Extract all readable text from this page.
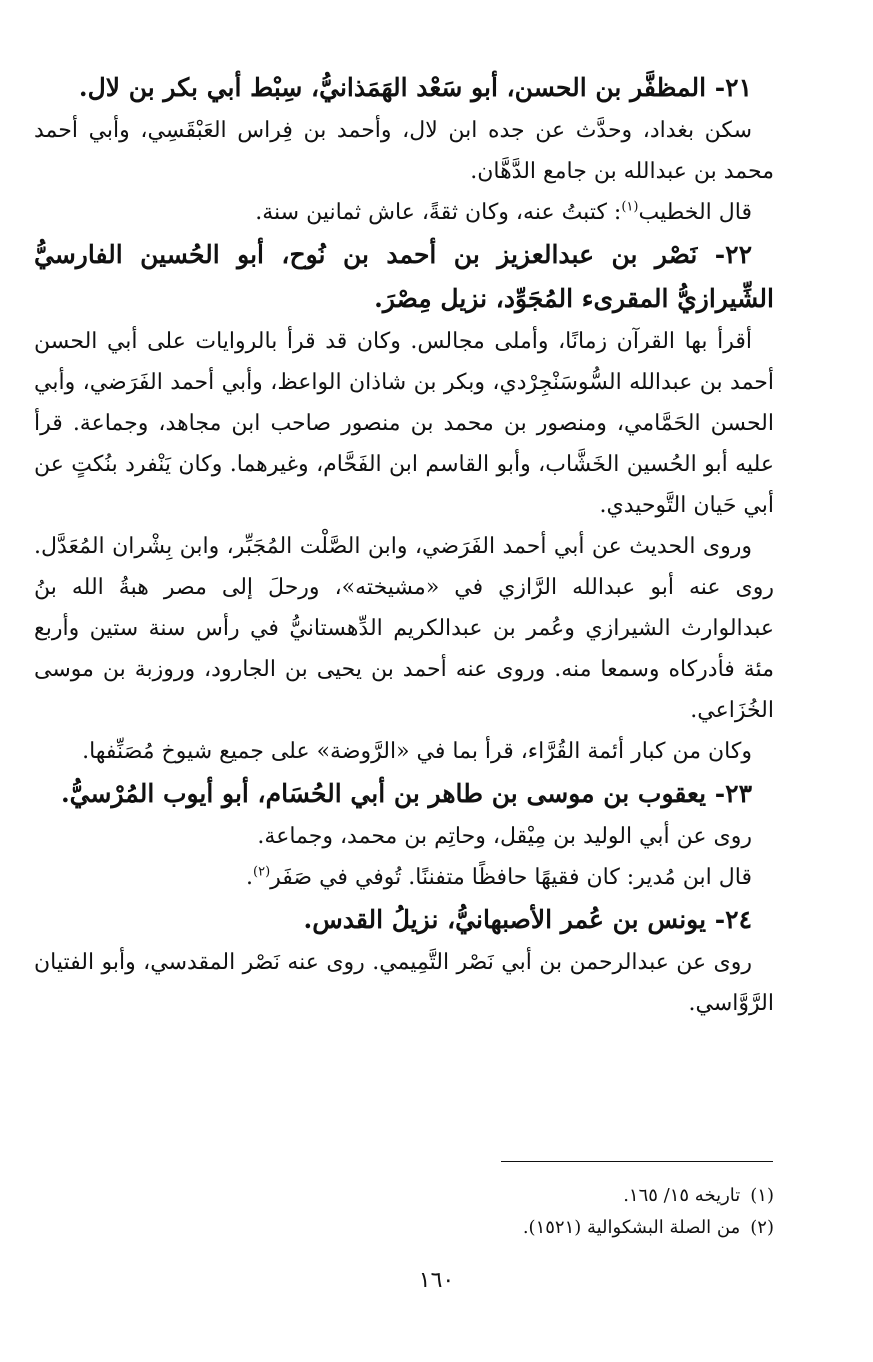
٢١- المظفَّر بن الحسن، أبو سَعْد الهَمَذانيُّ، سِبْط أبي بكر بن لال.

سكن بغداد، وحدَّث عن جده ابن لال، وأحمد بن فِراس العَبْقَسِي، وأبي أحمد محمد بن عبدالله بن جامع الدَّهَّان.

قال الخطيب$^{(١)}$: كتبتُ عنه، وكان ثقةً، عاش ثمانين سنة.

٢٢- نَصْر بن عبدالعزيز بن أحمد بن نُوح، أبو الحُسين الفارسيُّ الشِّيرازيُّ المقرىء المُجَوِّد، نزيل مِصْرَ.

أقرأ بها القرآن زمانًا، وأملى مجالس. وكان قد قرأ بالروايات على أبي الحسن أحمد بن عبدالله السُّوسَنْجِرْدي، وبكر بن شاذان الواعظ، وأبي أحمد الفَرَضي، وأبي الحسن الحَمَّامي، ومنصور بن محمد بن منصور صاحب ابن مجاهد، وجماعة. قرأ عليه أبو الحُسين الخَشَّاب، وأبو القاسم ابن الفَحَّام، وغيرهما. وكان يَنْفرد بنُكتٍ عن أبي حَيان التَّوحيدي.

وروى الحديث عن أبي أحمد الفَرَضي، وابن الصَّلْت المُجَبِّر، وابن بِشْران المُعَدَّل. روى عنه أبو عبدالله الرَّازي في «مشيخته»، ورحلَ إلى مصر هبةُ الله بنُ عبدالوارث الشيرازي وعُمر بن عبدالكريم الدِّهستانيُّ في رأس سنة ستين وأربع مئة فأدركاه وسمعا منه. وروى عنه أحمد بن يحيى بن الجارود، وروزبة بن موسى الخُزَاعي.

وكان من كبار أئمة القُرَّاء، قرأ بما في «الرَّوضة» على جميع شيوخ مُصَنِّفها.

٢٣- يعقوب بن موسى بن طاهر بن أبي الحُسَام، أبو أيوب المُرْسيُّ.

روى عن أبي الوليد بن مِيْقل، وحاتِم بن محمد، وجماعة.

قال ابن مُدير: كان فقيهًا حافظًا متفننًا. تُوفي في صَفَر$^{(٢)}$.

٢٤- يونس بن عُمر الأصبهانيُّ، نزيلُ القدس.

روى عن عبدالرحمن بن أبي نَصْر التَّمِيمي. روى عنه نَصْر المقدسي، وأبو الفتيان الرَّوَّاسي.

(١) تاريخه ١٥/ ١٦٥.
(٢) من الصلة البشكوالية (١٥٢١).
١٦٠
